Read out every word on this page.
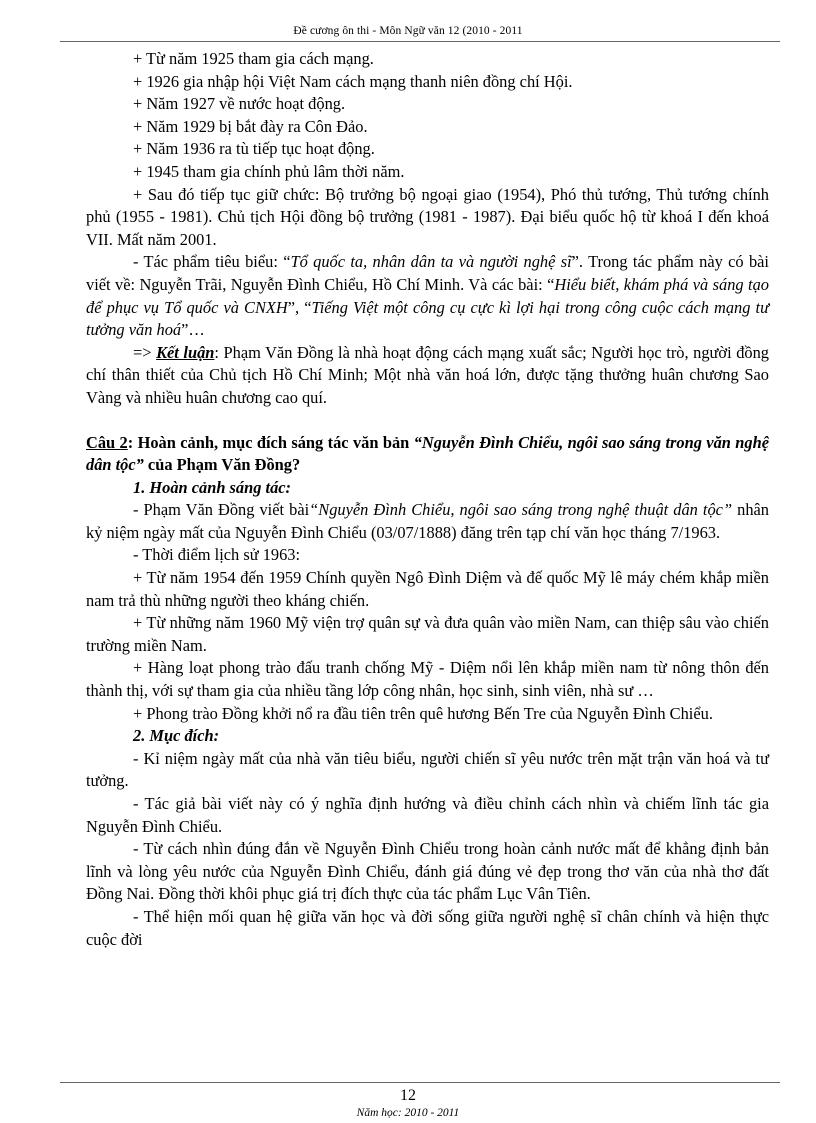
Đề cương ôn thi - Môn Ngữ văn 12 (2010 - 2011

+ Từ năm 1925 tham gia cách mạng.

+ 1926 gia nhập hội Việt Nam cách mạng thanh niên đồng chí Hội.

+ Năm 1927 về nước hoạt động.

+ Năm 1929 bị bắt đày ra Côn Đảo.

+ Năm 1936 ra tù tiếp tục hoạt động.

+ 1945 tham gia chính phủ lâm thời năm.

+ Sau đó tiếp tục giữ chức: Bộ trưởng bộ ngoại giao (1954), Phó thủ tướng, Thủ tướng chính phủ (1955 - 1981). Chủ tịch Hội đồng bộ trưởng (1981 - 1987). Đại biểu quốc hộ từ khoá I đến khoá VII. Mất năm 2001.

- Tác phẩm tiêu biểu: “Tổ quốc ta, nhân dân ta và người nghệ sĩ”. Trong tác phẩm này có bài viết về: Nguyễn Trãi, Nguyễn Đình Chiểu, Hồ Chí Minh. Và các bài: “Hiểu biết, khám phá và sáng tạo để phục vụ Tổ quốc và CNXH”, “Tiếng Việt một công cụ cực kì lợi hại trong công cuộc cách mạng tư tưởng văn hoá”…

=> Kết luận: Phạm Văn Đồng là nhà hoạt động cách mạng xuất sắc; Người học trò, người đồng chí thân thiết của Chủ tịch Hồ Chí Minh; Một nhà văn hoá lớn, được tặng thưởng huân chương Sao Vàng và nhiều huân chương cao quí.

Câu 2: Hoàn cảnh, mục đích sáng tác văn bản “Nguyễn Đình Chiểu, ngôi sao sáng trong văn nghệ dân tộc” của Phạm Văn Đồng?

1. Hoàn cảnh sáng tác:

- Phạm Văn Đồng viết bài“Nguyễn Đình Chiểu, ngôi sao sáng trong nghệ thuật dân tộc” nhân kỷ niệm ngày mất của Nguyễn Đình Chiểu (03/07/1888) đăng trên tạp chí văn học tháng 7/1963.

- Thời điểm lịch sử 1963:

+ Từ năm 1954 đến 1959 Chính quyền Ngô Đình Diệm và đế quốc Mỹ lê máy chém khắp miền nam trả thù những người theo kháng chiến.

+ Từ những năm 1960 Mỹ viện trợ quân sự và đưa quân vào miền Nam, can thiệp sâu vào chiến trường miền Nam.

+ Hàng loạt phong trào đấu tranh chống Mỹ - Diệm nổi lên khắp miền nam từ nông thôn đến thành thị, với sự tham gia của nhiều tầng lớp công nhân, học sinh, sinh viên, nhà sư …

+ Phong trào Đồng khởi nổ ra đầu tiên trên quê hương Bến Tre của Nguyễn Đình Chiểu.

2. Mục đích:

- Kỉ niệm ngày mất của nhà văn tiêu biểu, người chiến sĩ yêu nước trên mặt trận văn hoá và tư tưởng.

- Tác giả bài viết này có ý nghĩa định hướng và điều chỉnh cách nhìn và chiếm lĩnh tác gia Nguyễn Đình Chiểu.

- Từ cách nhìn đúng đắn về Nguyễn Đình Chiểu trong hoàn cảnh nước mất để khẳng định bản lĩnh và lòng yêu nước của Nguyễn Đình Chiểu, đánh giá đúng vẻ đẹp trong thơ văn của nhà thơ đất Đồng Nai. Đồng thời khôi phục giá trị đích thực của tác phẩm Lục Vân Tiên.

- Thể hiện mối quan hệ giữa văn học và đời sống giữa người nghệ sĩ chân chính và hiện thực cuộc đời

12
Năm học: 2010 - 2011
